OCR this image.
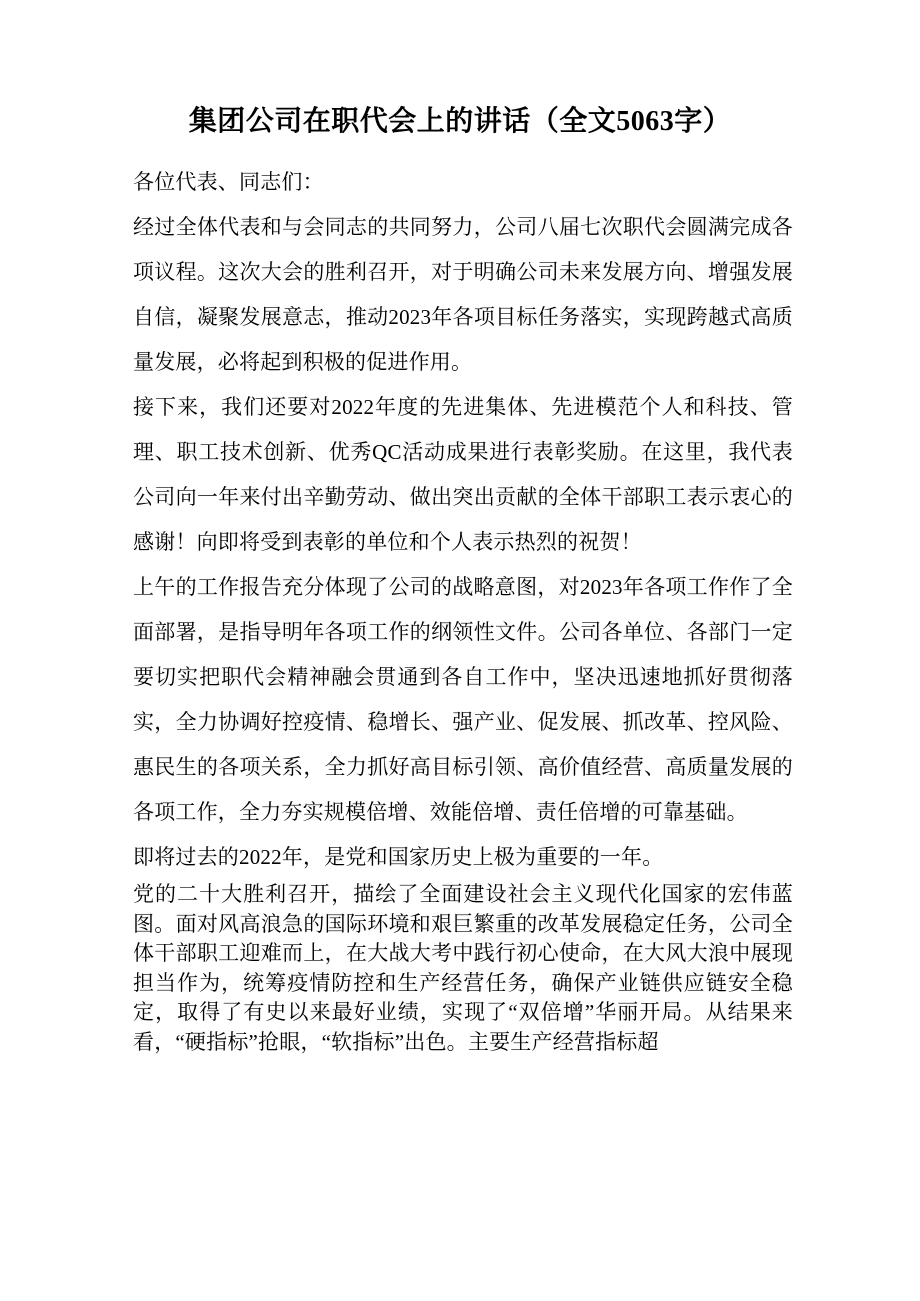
集团公司在职代会上的讲话（全文5063字）

各位代表、同志们：

经过全体代表和与会同志的共同努力，公司八届七次职代会圆满完成各项议程。这次大会的胜利召开，对于明确公司未来发展方向、增强发展自信，凝聚发展意志，推动2023年各项目标任务落实，实现跨越式高质量发展，必将起到积极的促进作用。

接下来，我们还要对2022年度的先进集体、先进模范个人和科技、管理、职工技术创新、优秀QC活动成果进行表彰奖励。在这里，我代表公司向一年来付出辛勤劳动、做出突出贡献的全体干部职工表示衷心的感谢！向即将受到表彰的单位和个人表示热烈的祝贺！

上午的工作报告充分体现了公司的战略意图，对2023年各项工作作了全面部署，是指导明年各项工作的纲领性文件。公司各单位、各部门一定要切实把职代会精神融会贯通到各自工作中，坚决迅速地抓好贯彻落实，全力协调好控疫情、稳增长、强产业、促发展、抓改革、控风险、惠民生的各项关系，全力抓好高目标引领、高价值经营、高质量发展的各项工作，全力夯实规模倍增、效能倍增、责任倍增的可靠基础。

即将过去的2022年，是党和国家历史上极为重要的一年。

党的二十大胜利召开，描绘了全面建设社会主义现代化国家的宏伟蓝图。面对风高浪急的国际环境和艰巨繁重的改革发展稳定任务，公司全体干部职工迎难而上，在大战大考中践行初心使命，在大风大浪中展现担当作为，统筹疫情防控和生产经营任务，确保产业链供应链安全稳定，取得了有史以来最好业绩，实现了“双倍增”华丽开局。从结果来看，“硬指标”抢眼，“软指标”出色。主要生产经营指标超
